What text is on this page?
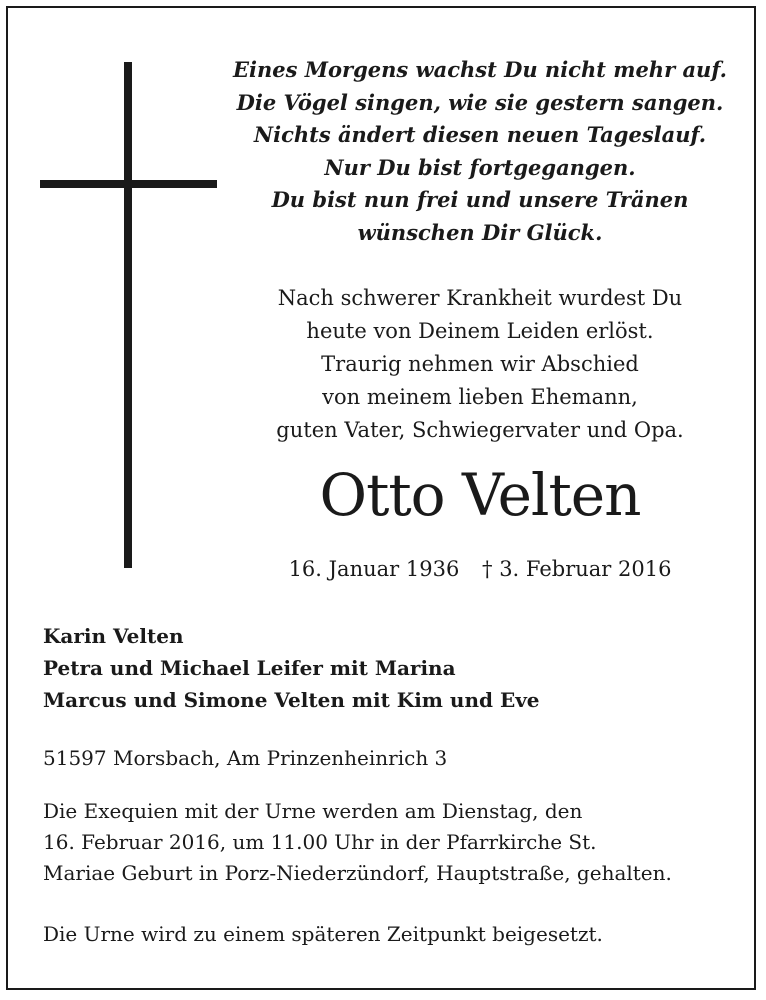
Eines Morgens wachst Du nicht mehr auf.
Die Vögel singen, wie sie gestern sangen.
Nichts ändert diesen neuen Tageslauf.
Nur Du bist fortgegangen.
Du bist nun frei und unsere Tränen
wünschen Dir Glück.
Nach schwerer Krankheit wurdest Du
heute von Deinem Leiden erlöst.
Traurig nehmen wir Abschied
von meinem lieben Ehemann,
guten Vater, Schwiegervater und Opa.
Otto Velten
16. Januar 1936 † 3. Februar 2016
Karin Velten
Petra und Michael Leifer mit Marina
Marcus und Simone Velten mit Kim und Eve
51597 Morsbach, Am Prinzenheinrich 3
Die Exequien mit der Urne werden am Dienstag, den
16. Februar 2016, um 11.00 Uhr in der Pfarrkirche St.
Mariae Geburt in Porz-Niederzündorf, Hauptstraße, gehalten.
Die Urne wird zu einem späteren Zeitpunkt beigesetzt.
